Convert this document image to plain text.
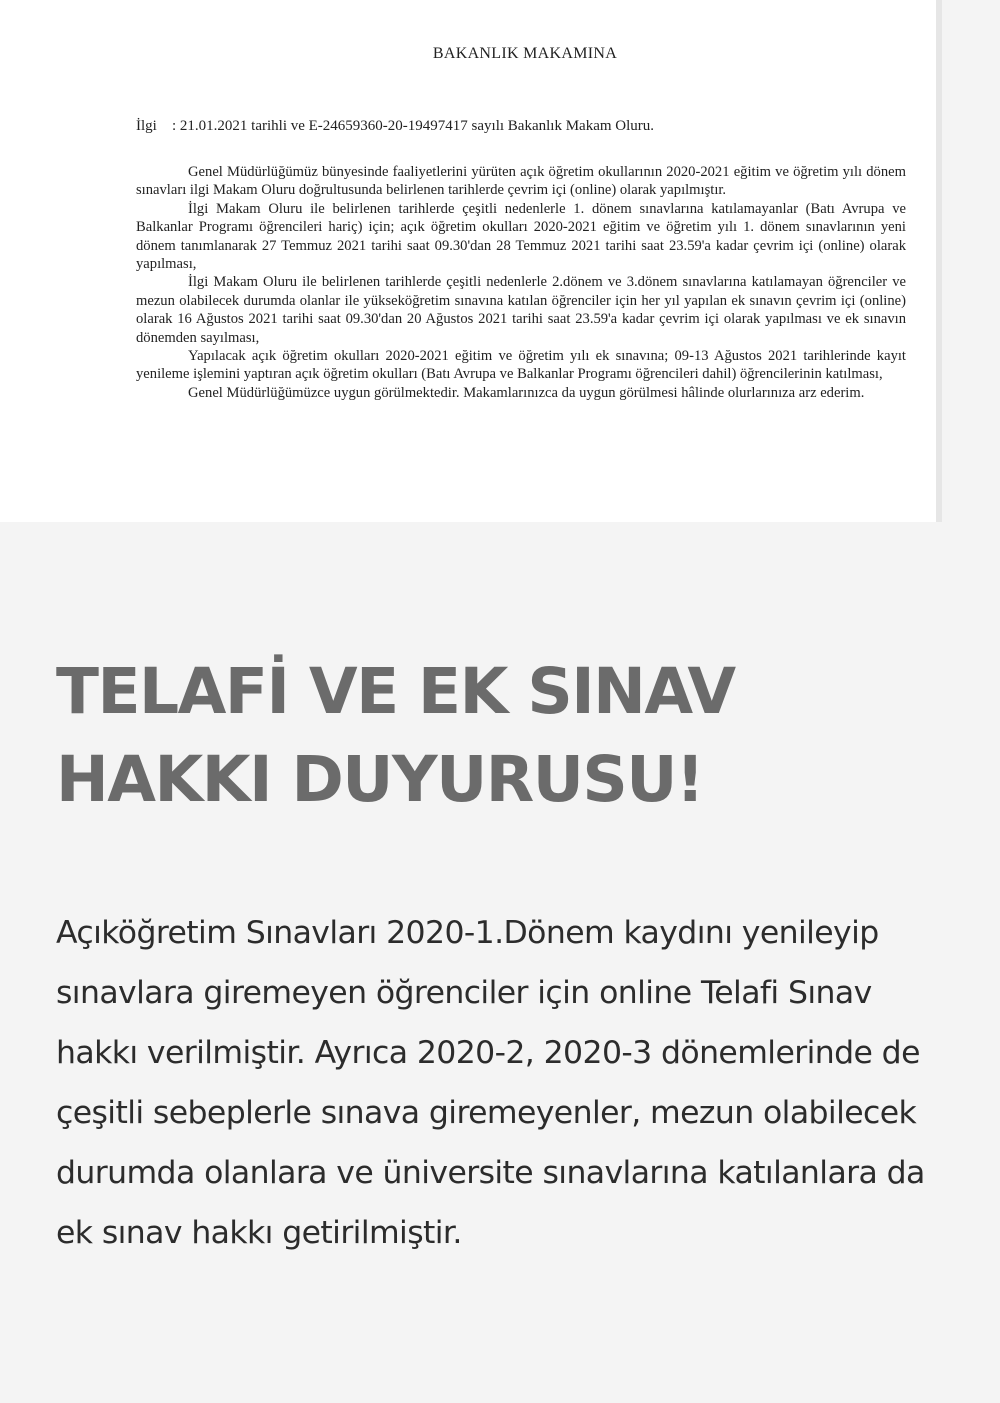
BAKANLIK MAKAMINA
İlgi : 21.01.2021 tarihli ve E-24659360-20-19497417 sayılı Bakanlık Makam Oluru.

Genel Müdürlüğümüz bünyesinde faaliyetlerini yürüten açık öğretim okullarının 2020-2021 eğitim ve öğretim yılı dönem sınavları ilgi Makam Oluru doğrultusunda belirlenen tarihlerde çevrim içi (online) olarak yapılmıştır.

İlgi Makam Oluru ile belirlenen tarihlerde çeşitli nedenlerle 1. dönem sınavlarına katılamayanlar (Batı Avrupa ve Balkanlar Programı öğrencileri hariç) için; açık öğretim okulları 2020-2021 eğitim ve öğretim yılı 1. dönem sınavlarının yeni dönem tanımlanarak 27 Temmuz 2021 tarihi saat 09.30'dan 28 Temmuz 2021 tarihi saat 23.59'a kadar çevrim içi (online) olarak yapılması,

İlgi Makam Oluru ile belirlenen tarihlerde çeşitli nedenlerle 2.dönem ve 3.dönem sınavlarına katılamayan öğrenciler ve mezun olabilecek durumda olanlar ile yükseköğretim sınavına katılan öğrenciler için her yıl yapılan ek sınavın çevrim içi (online) olarak 16 Ağustos 2021 tarihi saat 09.30'dan 20 Ağustos 2021 tarihi saat 23.59'a kadar çevrim içi olarak yapılması ve ek sınavın dönemden sayılması,

Yapılacak açık öğretim okulları 2020-2021 eğitim ve öğretim yılı ek sınavına; 09-13 Ağustos 2021 tarihlerinde kayıt yenileme işlemini yaptıran açık öğretim okulları (Batı Avrupa ve Balkanlar Programı öğrencileri dahil) öğrencilerinin katılması,

Genel Müdürlüğümüzce uygun görülmektedir. Makamlarınızca da uygun görülmesi hâlinde olurlarınıza arz ederim.

TELAFİ VE EK SINAV
HAKKI DUYURUSU!

Açıköğretim Sınavları 2020-1.Dönem kaydını yenileyip sınavlara giremeyen öğrenciler için online Telafi Sınav hakkı verilmiştir. Ayrıca 2020-2, 2020-3 dönemlerinde de çeşitli sebeplerle sınava giremeyenler, mezun olabilecek durumda olanlara ve üniversite sınavlarına katılanlara da ek sınav hakkı getirilmiştir.
